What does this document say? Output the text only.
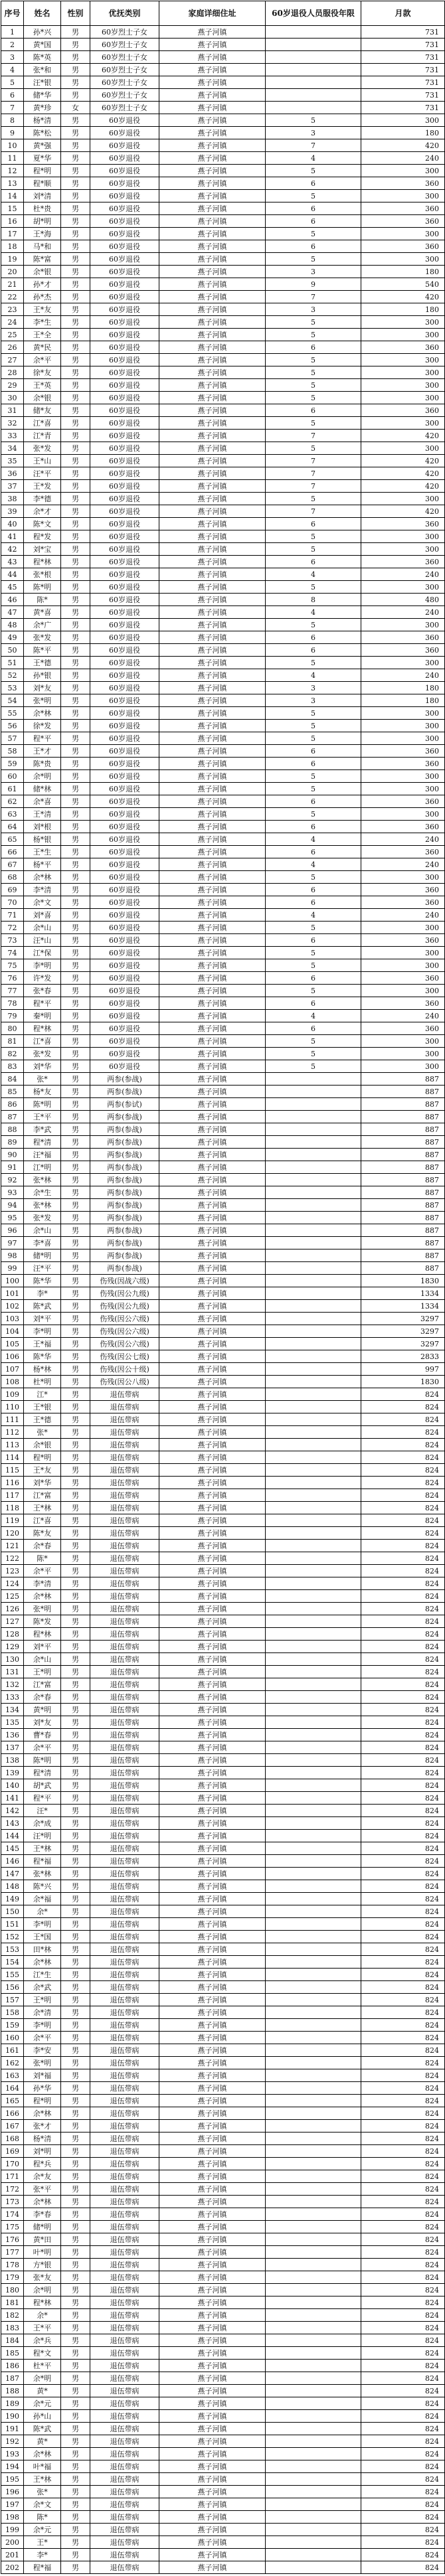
序号	姓名	性别	优抚类别	家庭详细住址	60岁退役人员服役年限	月款
1	孙*兴	男	60岁烈士子女	燕子河镇		731
2	黄*国	男	60岁烈士子女	燕子河镇		731
3	陈*英	男	60岁烈士子女	燕子河镇		731
4	张*和	男	60岁烈士子女	燕子河镇		731
5	汪*银	男	60岁烈士子女	燕子河镇		731
6	储*华	男	60岁烈士子女	燕子河镇		731
7	黄*珍	女	60岁烈士子女	燕子河镇		731
8	杨*清	男	60岁退役	燕子河镇	5	300
9	陈*松	男	60岁退役	燕子河镇	3	180
10	黄*强	男	60岁退役	燕子河镇	7	420
11	夏*华	男	60岁退役	燕子河镇	4	240
12	程*明	男	60岁退役	燕子河镇	5	300
13	程*顺	男	60岁退役	燕子河镇	6	360
14	刘*清	男	60岁退役	燕子河镇	5	300
15	杜*贵	男	60岁退役	燕子河镇	6	360
16	胡*明	男	60岁退役	燕子河镇	6	360
17	王*海	男	60岁退役	燕子河镇	5	300
18	马*和	男	60岁退役	燕子河镇	6	360
19	陈*富	男	60岁退役	燕子河镇	5	300
20	余*银	男	60岁退役	燕子河镇	3	180
21	孙*才	男	60岁退役	燕子河镇	9	540
22	孙*杰	男	60岁退役	燕子河镇	7	420
23	王*友	男	60岁退役	燕子河镇	3	180
24	李*生	男	60岁退役	燕子河镇	5	300
25	王*全	男	60岁退役	燕子河镇	5	300
26	黄*民	男	60岁退役	燕子河镇	6	360
27	余*平	男	60岁退役	燕子河镇	5	300
28	徐*友	男	60岁退役	燕子河镇	5	300
29	王*英	男	60岁退役	燕子河镇	5	300
30	余*银	男	60岁退役	燕子河镇	5	300
31	储*友	男	60岁退役	燕子河镇	6	360
32	江*喜	男	60岁退役	燕子河镇	5	300
33	江*青	男	60岁退役	燕子河镇	7	420
34	张*发	男	60岁退役	燕子河镇	5	300
35	王*山	男	60岁退役	燕子河镇	7	420
36	汪*平	男	60岁退役	燕子河镇	7	420
37	王*发	男	60岁退役	燕子河镇	7	420
38	李*德	男	60岁退役	燕子河镇	5	300
39	余*才	男	60岁退役	燕子河镇	7	420
40	陈*文	男	60岁退役	燕子河镇	6	360
41	程*发	男	60岁退役	燕子河镇	5	300
42	刘*宝	男	60岁退役	燕子河镇	5	300
43	程*林	男	60岁退役	燕子河镇	6	360
44	张*根	男	60岁退役	燕子河镇	4	240
45	陈*明	男	60岁退役	燕子河镇	5	300
46	陈*	男	60岁退役	燕子河镇	8	480
47	黄*喜	男	60岁退役	燕子河镇	4	240
48	余*广	男	60岁退役	燕子河镇	5	300
49	张*发	男	60岁退役	燕子河镇	6	360
50	陈*平	男	60岁退役	燕子河镇	6	360
51	王*德	男	60岁退役	燕子河镇	5	300
52	孙*银	男	60岁退役	燕子河镇	4	240
53	刘*友	男	60岁退役	燕子河镇	3	180
54	张*明	男	60岁退役	燕子河镇	3	180
55	余*林	男	60岁退役	燕子河镇	5	300
56	徐*发	男	60岁退役	燕子河镇	5	300
57	程*平	男	60岁退役	燕子河镇	5	300
58	王*才	男	60岁退役	燕子河镇	6	360
59	陈*贵	男	60岁退役	燕子河镇	6	360
60	余*明	男	60岁退役	燕子河镇	5	300
61	储*林	男	60岁退役	燕子河镇	5	300
62	余*喜	男	60岁退役	燕子河镇	6	360
63	王*清	男	60岁退役	燕子河镇	5	300
64	刘*根	男	60岁退役	燕子河镇	6	360
65	杨*银	男	60岁退役	燕子河镇	4	240
66	王*生	男	60岁退役	燕子河镇	6	360
67	杨*平	男	60岁退役	燕子河镇	4	240
68	余*林	男	60岁退役	燕子河镇	5	300
69	李*清	男	60岁退役	燕子河镇	6	360
70	余*文	男	60岁退役	燕子河镇	6	360
71	刘*喜	男	60岁退役	燕子河镇	4	240
72	余*山	男	60岁退役	燕子河镇	5	300
73	汪*山	男	60岁退役	燕子河镇	6	360
74	江*保	男	60岁退役	燕子河镇	5	300
75	李*明	男	60岁退役	燕子河镇	5	300
76	许*发	男	60岁退役	燕子河镇	6	360
77	张*春	男	60岁退役	燕子河镇	5	300
78	程*平	男	60岁退役	燕子河镇	6	360
79	秦*明	男	60岁退役	燕子河镇	4	240
80	程*林	男	60岁退役	燕子河镇	6	360
81	江*喜	男	60岁退役	燕子河镇	5	300
82	张*发	男	60岁退役	燕子河镇	5	300
83	刘*华	男	60岁退役	燕子河镇	5	300
84	张*	男	两参(参战)	燕子河镇		887
85	杨*友	男	两参(参战)	燕子河镇		887
86	陈*明	男	两参(参试)	燕子河镇		887
87	王*平	男	两参(参战)	燕子河镇		887
88	李*武	男	两参(参战)	燕子河镇		887
89	程*清	男	两参(参战)	燕子河镇		887
90	汪*福	男	两参(参战)	燕子河镇		887
91	江*明	男	两参(参战)	燕子河镇		887
92	张*林	男	两参(参战)	燕子河镇		887
93	余*生	男	两参(参战)	燕子河镇		887
94	张*林	男	两参(参战)	燕子河镇		887
95	张*发	男	两参(参战)	燕子河镇		887
96	余*山	男	两参(参战)	燕子河镇		887
97	李*喜	男	两参(参战)	燕子河镇		887
98	储*明	男	两参(参战)	燕子河镇		887
99	汪*平	男	两参(参战)	燕子河镇		887
100	陈*华	男	伤残(因战六级)	燕子河镇		1830
101	李*	男	伤残(因公九级)	燕子河镇		1334
102	陈*武	男	伤残(因公九级)	燕子河镇		1334
103	刘*平	男	伤残(因公六级)	燕子河镇		3297
104	李*明	男	伤残(因公六级)	燕子河镇		3297
105	王*福	男	伤残(因公六级)	燕子河镇		3297
106	陈*华	男	伤残(因公七级)	燕子河镇		2833
107	杨*林	男	伤残(因公十级)	燕子河镇		997
108	杜*明	男	伤残(因公八级)	燕子河镇		1830
109	江*	男	退伍带病	燕子河镇		824
110	王*银	男	退伍带病	燕子河镇		824
111	王*德	男	退伍带病	燕子河镇		824
112	张*	男	退伍带病	燕子河镇		824
113	余*银	男	退伍带病	燕子河镇		824
114	程*明	男	退伍带病	燕子河镇		824
115	王*友	男	退伍带病	燕子河镇		824
116	刘*华	男	退伍带病	燕子河镇		824
117	江*富	男	退伍带病	燕子河镇		824
118	王*林	男	退伍带病	燕子河镇		824
119	江*喜	男	退伍带病	燕子河镇		824
120	陈*友	男	退伍带病	燕子河镇		824
121	余*春	男	退伍带病	燕子河镇		824
122	陈*	男	退伍带病	燕子河镇		824
123	余*平	男	退伍带病	燕子河镇		824
124	李*清	男	退伍带病	燕子河镇		824
125	余*林	男	退伍带病	燕子河镇		824
126	张*明	男	退伍带病	燕子河镇		824
127	陈*发	男	退伍带病	燕子河镇		824
128	程*林	男	退伍带病	燕子河镇		824
129	刘*平	男	退伍带病	燕子河镇		824
130	余*山	男	退伍带病	燕子河镇		824
131	王*明	男	退伍带病	燕子河镇		824
132	江*富	男	退伍带病	燕子河镇		824
133	余*春	男	退伍带病	燕子河镇		824
134	黄*明	男	退伍带病	燕子河镇		824
135	刘*友	男	退伍带病	燕子河镇		824
136	曹*春	男	退伍带病	燕子河镇		824
137	余*平	男	退伍带病	燕子河镇		824
138	陈*明	男	退伍带病	燕子河镇		824
139	程*清	男	退伍带病	燕子河镇		824
140	胡*武	男	退伍带病	燕子河镇		824
141	程*平	男	退伍带病	燕子河镇		824
142	汪*	男	退伍带病	燕子河镇		824
143	余*成	男	退伍带病	燕子河镇		824
144	汪*明	男	退伍带病	燕子河镇		824
145	王*林	男	退伍带病	燕子河镇		824
146	程*福	男	退伍带病	燕子河镇		824
147	张*林	男	退伍带病	燕子河镇		824
148	陈*兴	男	退伍带病	燕子河镇		824
149	余*福	男	退伍带病	燕子河镇		824
150	余*	男	退伍带病	燕子河镇		824
151	李*明	男	退伍带病	燕子河镇		824
152	王*国	男	退伍带病	燕子河镇		824
153	田*林	男	退伍带病	燕子河镇		824
154	余*林	男	退伍带病	燕子河镇		824
155	江*生	男	退伍带病	燕子河镇		824
156	余*武	男	退伍带病	燕子河镇		824
157	王*明	男	退伍带病	燕子河镇		824
158	余*清	男	退伍带病	燕子河镇		824
159	李*明	男	退伍带病	燕子河镇		824
160	余*平	男	退伍带病	燕子河镇		824
161	李*安	男	退伍带病	燕子河镇		824
162	张*明	男	退伍带病	燕子河镇		824
163	刘*福	男	退伍带病	燕子河镇		824
164	孙*华	男	退伍带病	燕子河镇		824
165	程*明	男	退伍带病	燕子河镇		824
166	余*林	男	退伍带病	燕子河镇		824
167	张*才	男	退伍带病	燕子河镇		824
168	杨*清	男	退伍带病	燕子河镇		824
169	刘*明	男	退伍带病	燕子河镇		824
170	程*兵	男	退伍带病	燕子河镇		824
171	余*友	男	退伍带病	燕子河镇		824
172	张*平	男	退伍带病	燕子河镇		824
173	余*林	男	退伍带病	燕子河镇		824
174	李*春	男	退伍带病	燕子河镇		824
175	储*明	男	退伍带病	燕子河镇		824
176	黄*田	男	退伍带病	燕子河镇		824
177	叶*明	男	退伍带病	燕子河镇		824
178	方*银	男	退伍带病	燕子河镇		824
179	张*友	男	退伍带病	燕子河镇		824
180	余*明	男	退伍带病	燕子河镇		824
181	程*林	男	退伍带病	燕子河镇		824
182	余*	男	退伍带病	燕子河镇		824
183	王*平	男	退伍带病	燕子河镇		824
184	余*兵	男	退伍带病	燕子河镇		824
185	程*文	男	退伍带病	燕子河镇		824
186	杜*平	男	退伍带病	燕子河镇		824
187	余*明	男	退伍带病	燕子河镇		824
188	黄*	男	退伍带病	燕子河镇		824
189	余*元	男	退伍带病	燕子河镇		824
190	孙*山	男	退伍带病	燕子河镇		824
191	陈*武	男	退伍带病	燕子河镇		824
192	黄*	男	退伍带病	燕子河镇		824
193	余*林	男	退伍带病	燕子河镇		824
194	叶*福	男	退伍带病	燕子河镇		824
195	王*林	男	退伍带病	燕子河镇		824
196	张*	男	退伍带病	燕子河镇		824
197	余*文	男	退伍带病	燕子河镇		824
198	陈*	男	退伍带病	燕子河镇		824
199	余*元	男	退伍带病	燕子河镇		824
200	王*	男	退伍带病	燕子河镇		824
201	李*	男	退伍带病	燕子河镇		824
202	程*福	男	退伍带病	燕子河镇		824
